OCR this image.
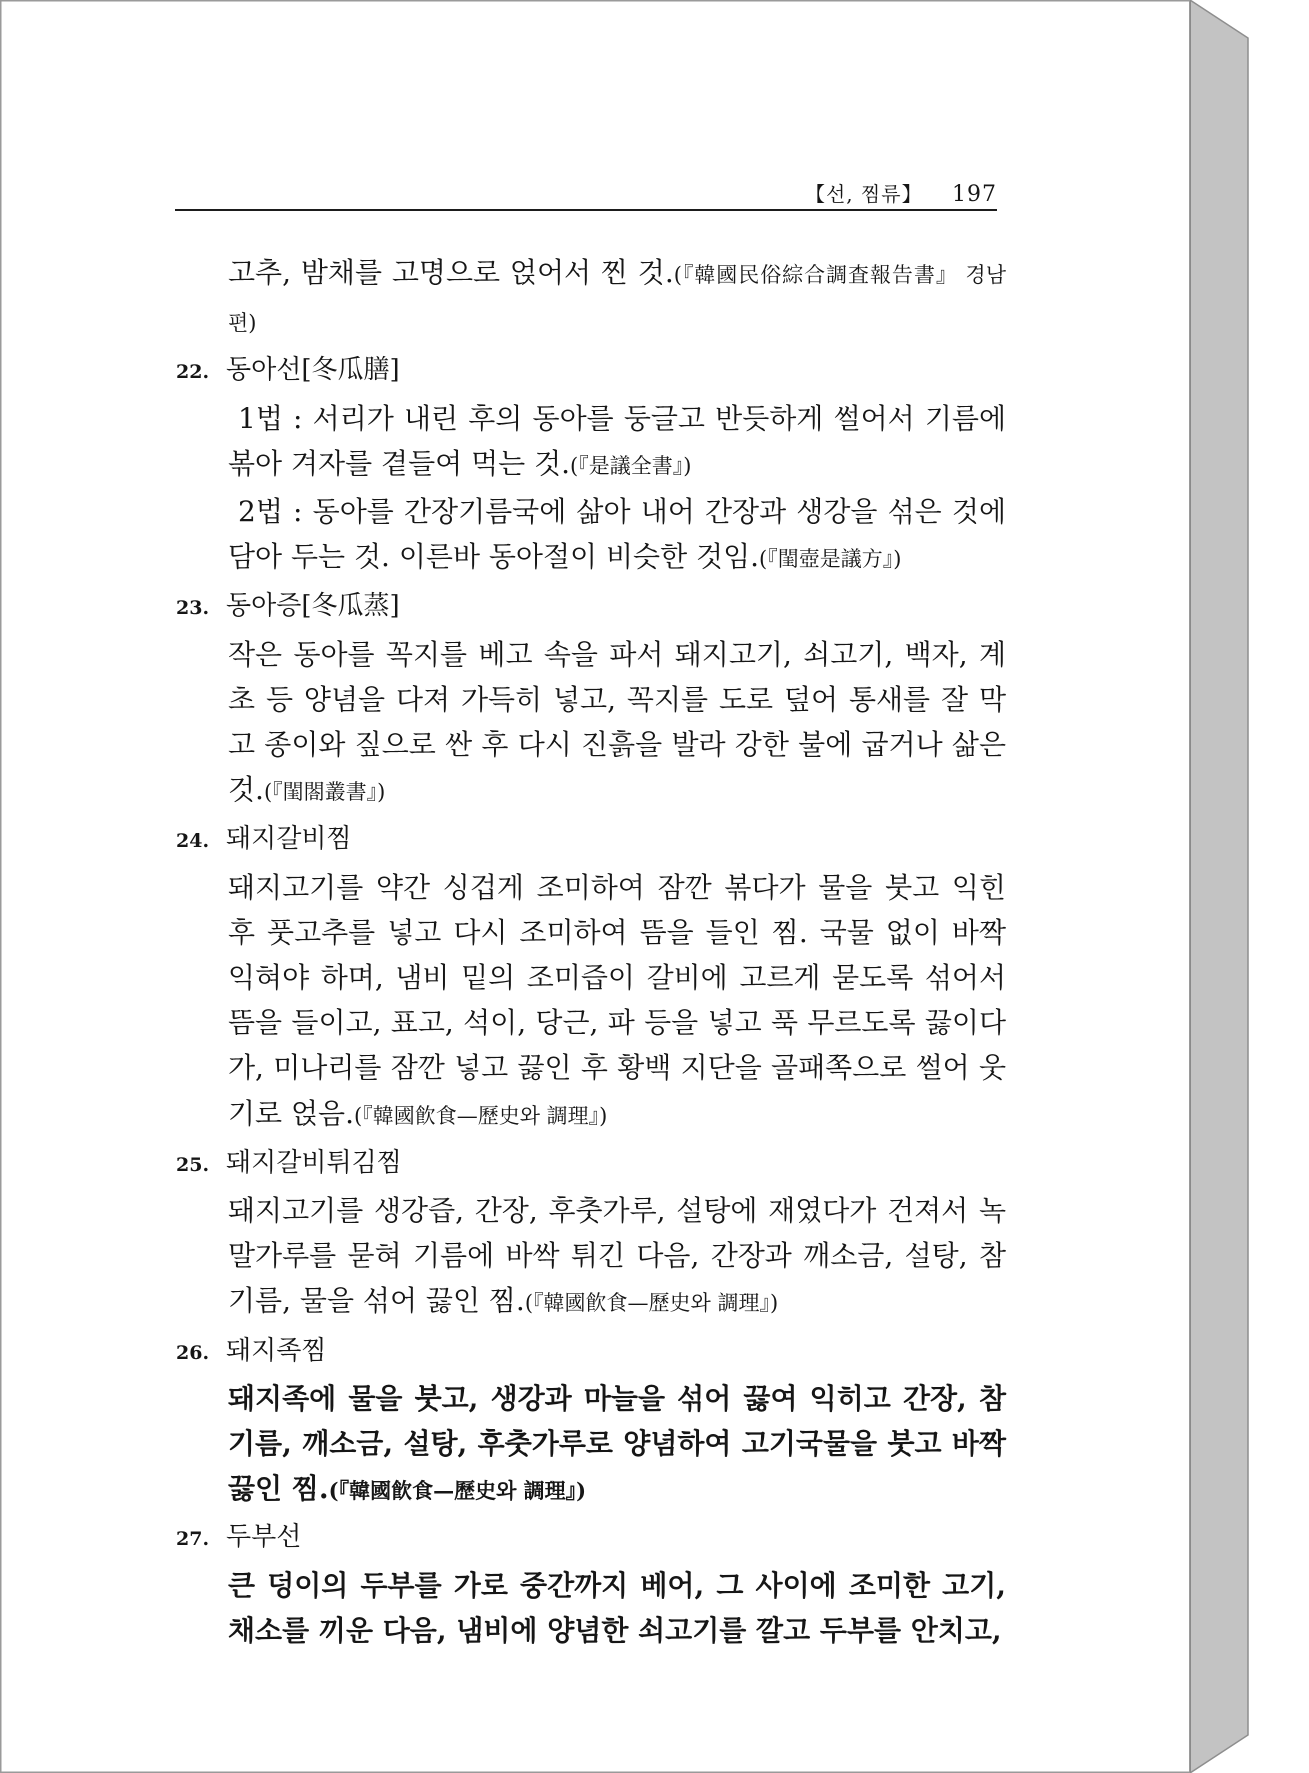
【선, 찜류】 197

고추, 밤채를 고명으로 얹어서 찐 것.(『韓國民俗綜合調査報告書』 경남편)

22. 동아선[冬瓜膳]

1법 : 서리가 내린 후의 동아를 둥글고 반듯하게 썰어서 기름에 볶아 겨자를 곁들여 먹는 것.(『是議全書』)

2법 : 동아를 간장기름국에 삶아 내어 간장과 생강을 섞은 것에 담아 두는 것. 이른바 동아절이 비슷한 것임.(『閨壺是議方』)

23. 동아증[冬瓜蒸]

작은 동아를 꼭지를 베고 속을 파서 돼지고기, 쇠고기, 백자, 계초 등 양념을 다져 가득히 넣고, 꼭지를 도로 덮어 통새를 잘 막고 종이와 짚으로 싼 후 다시 진흙을 발라 강한 불에 굽거나 삶은 것.(『閨閤叢書』)

24. 돼지갈비찜

돼지고기를 약간 싱겁게 조미하여 잠깐 볶다가 물을 붓고 익힌 후 풋고추를 넣고 다시 조미하여 뜸을 들인 찜. 국물 없이 바짝 익혀야 하며, 냄비 밑의 조미즙이 갈비에 고르게 묻도록 섞어서 뜸을 들이고, 표고, 석이, 당근, 파 등을 넣고 푹 무르도록 끓이다가, 미나리를 잠깐 넣고 끓인 후 황백 지단을 골패쪽으로 썰어 웃기로 얹음.(『韓國飮食—歷史와 調理』)

25. 돼지갈비튀김찜

돼지고기를 생강즙, 간장, 후춧가루, 설탕에 재였다가 건져서 녹말가루를 묻혀 기름에 바싹 튀긴 다음, 간장과 깨소금, 설탕, 참기름, 물을 섞어 끓인 찜.(『韓國飮食—歷史와 調理』)

26. 돼지족찜

돼지족에 물을 붓고, 생강과 마늘을 섞어 끓여 익히고 간장, 참기름, 깨소금, 설탕, 후춧가루로 양념하여 고기국물을 붓고 바짝 끓인 찜.(『韓國飮食—歷史와 調理』)

27. 두부선

큰 덩이의 두부를 가로 중간까지 베어, 그 사이에 조미한 고기, 채소를 끼운 다음, 냄비에 양념한 쇠고기를 깔고 두부를 안치고,
